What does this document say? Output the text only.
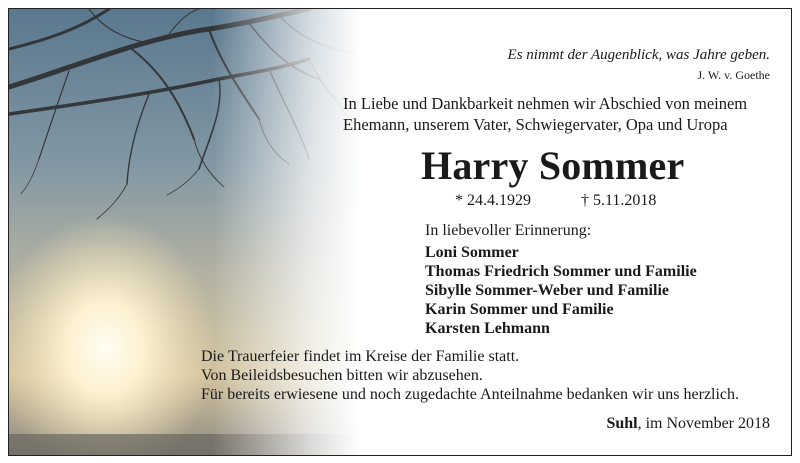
Es nimmt der Augenblick, was Jahre geben.
J. W. v. Goethe
In Liebe und Dankbarkeit nehmen wir Abschied von meinem
Ehemann, unserem Vater, Schwiegervater, Opa und Uropa
Harry Sommer
* 24.4.1929	† 5.11.2018
In liebevoller Erinnerung:
Loni Sommer
Thomas Friedrich Sommer und Familie
Sibylle Sommer-Weber und Familie
Karin Sommer und Familie
Karsten Lehmann
Die Trauerfeier findet im Kreise der Familie statt.
Von Beileidsbesuchen bitten wir abzusehen.
Für bereits erwiesene und noch zugedachte Anteilnahme bedanken wir uns herzlich.
Suhl, im November 2018
